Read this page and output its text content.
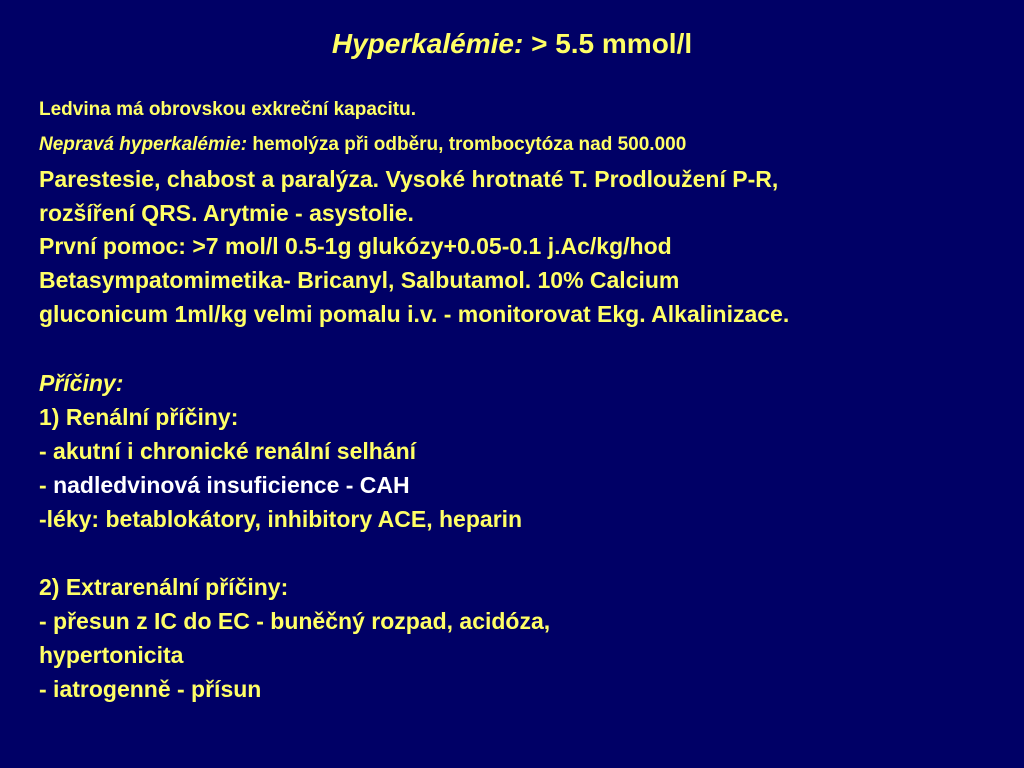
Hyperkalémie: > 5.5 mmol/l
Ledvina má obrovskou exkreční kapacitu.
Nepravá hyperkalémie: hemolýza při odběru, trombocytóza nad 500.000
Parestesie, chabost a paralýza. Vysoké hrotnaté T. Prodloužení P-R,
rozšíření QRS. Arytmie - asystolie.
První pomoc: >7 mol/l 0.5-1g glukózy+0.05-0.1 j.Ac/kg/hod
Betasympatomimetika- Bricanyl, Salbutamol. 10% Calcium
gluconicum 1ml/kg velmi pomalu i.v. - monitorovat Ekg. Alkalinizace.
Příčiny:
1) Renální příčiny:
- akutní i chronické renální selhání
- nadledvinová insuficience - CAH
-léky: betablokátory, inhibitory ACE, heparin
2) Extrarenální příčiny:
- přesun z IC do EC - buněčný rozpad, acidóza,
hypertonicita
- iatrogenně - přísun
